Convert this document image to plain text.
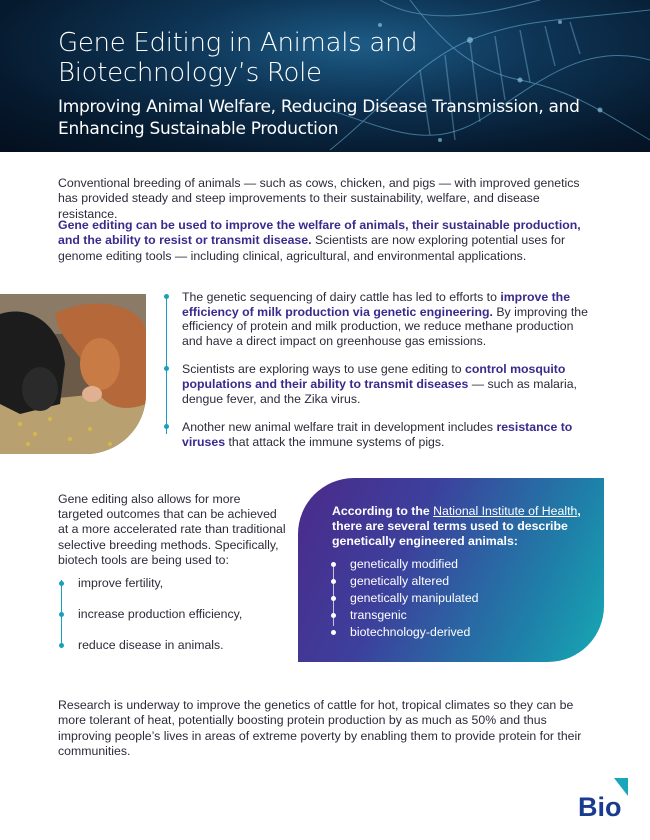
Gene Editing in Animals and Biotechnology’s Role
Improving Animal Welfare, Reducing Disease Transmission, and Enhancing Sustainable Production
Conventional breeding of animals — such as cows, chicken, and pigs — with improved genetics has provided steady and steep improvements to their sustainability, welfare, and disease resistance.
Gene editing can be used to improve the welfare of animals, their sustainable production, and the ability to resist or transmit disease. Scientists are now exploring potential uses for genome editing tools — including clinical, agricultural, and environmental applications.
The genetic sequencing of dairy cattle has led to efforts to improve the efficiency of milk production via genetic engineering. By improving the efficiency of protein and milk production, we reduce methane production and have a direct impact on greenhouse gas emissions.
Scientists are exploring ways to use gene editing to control mosquito populations and their ability to transmit diseases — such as malaria, dengue fever, and the Zika virus.
Another new animal welfare trait in development includes resistance to viruses that attack the immune systems of pigs.
Gene editing also allows for more targeted outcomes that can be achieved at a more accelerated rate than traditional selective breeding methods. Specifically, biotech tools are being used to:
improve fertility,
increase production efficiency,
reduce disease in animals.
According to the National Institute of Health, there are several terms used to describe genetically engineered animals:
genetically modified
genetically altered
genetically manipulated
transgenic
biotechnology-derived
Research is underway to improve the genetics of cattle for hot, tropical climates so they can be more tolerant of heat, potentially boosting protein production by as much as 50% and thus improving people’s lives in areas of extreme poverty by enabling them to provide protein for their communities.
Bio
